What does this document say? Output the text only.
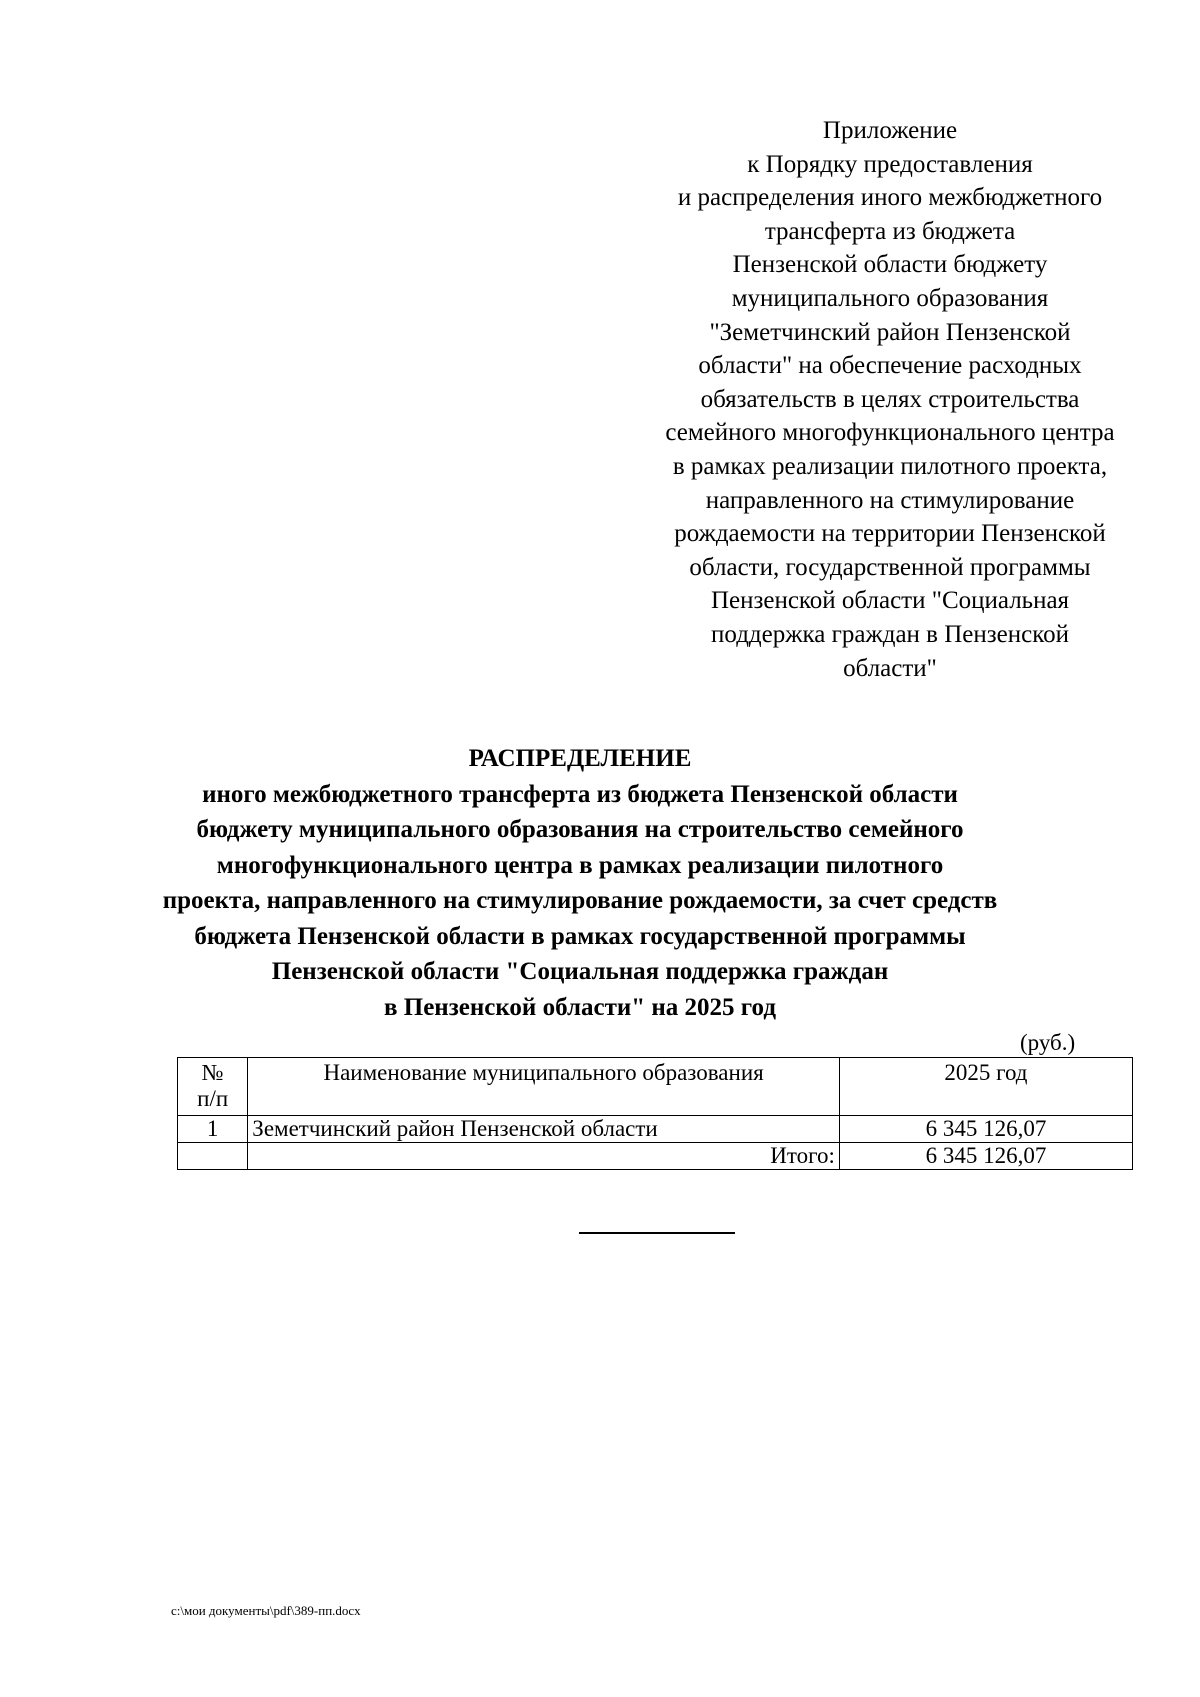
Приложение
к Порядку предоставления
и распределения иного межбюджетного
трансферта из бюджета
Пензенской области бюджету
муниципального образования
"Земетчинский район Пензенской
области" на обеспечение расходных
обязательств в целях строительства
семейного многофункционального центра
в рамках реализации пилотного проекта,
направленного на стимулирование
рождаемости на территории Пензенской
области, государственной программы
Пензенской области "Социальная
поддержка граждан в Пензенской
области"
РАСПРЕДЕЛЕНИЕ
иного межбюджетного трансферта из бюджета Пензенской области
бюджету муниципального образования на строительство семейного
многофункционального центра в рамках реализации пилотного
проекта, направленного на стимулирование рождаемости, за счет средств
бюджета Пензенской области в рамках государственной программы
Пензенской области "Социальная поддержка граждан
в Пензенской области" на 2025 год
(руб.)
№
п/п	Наименование муниципального образования	2025 год
1	Земетчинский район Пензенской области	6 345 126,07
	Итого:	6 345 126,07
c:\мои документы\pdf\389-пп.docx
